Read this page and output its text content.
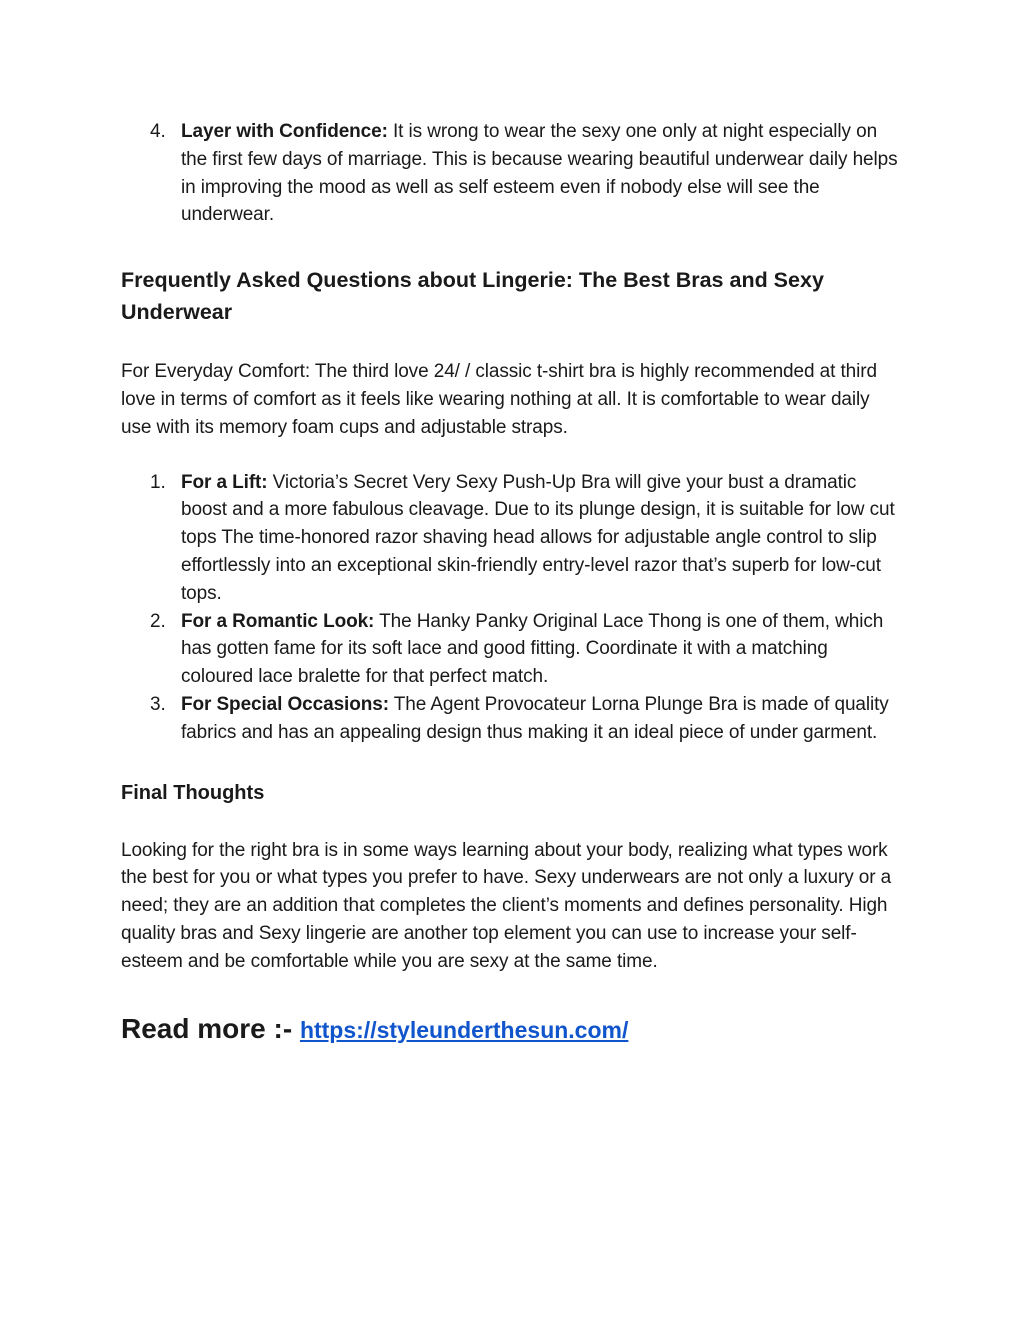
4. Layer with Confidence: It is wrong to wear the sexy one only at night especially on the first few days of marriage. This is because wearing beautiful underwear daily helps in improving the mood as well as self esteem even if nobody else will see the underwear.
Frequently Asked Questions about Lingerie: The Best Bras and Sexy Underwear

For Everyday Comfort: The third love 24/ / classic t-shirt bra is highly recommended at third love in terms of comfort as it feels like wearing nothing at all. It is comfortable to wear daily use with its memory foam cups and adjustable straps.

1. For a Lift: Victoria’s Secret Very Sexy Push-Up Bra will give your bust a dramatic boost and a more fabulous cleavage. Due to its plunge design, it is suitable for low cut tops The time-honored razor shaving head allows for adjustable angle control to slip effortlessly into an exceptional skin-friendly entry-level razor that’s superb for low-cut tops.
2. For a Romantic Look: The Hanky Panky Original Lace Thong is one of them, which has gotten fame for its soft lace and good fitting. Coordinate it with a matching coloured lace bralette for that perfect match.
3. For Special Occasions: The Agent Provocateur Lorna Plunge Bra is made of quality fabrics and has an appealing design thus making it an ideal piece of under garment.
Final Thoughts

Looking for the right bra is in some ways learning about your body, realizing what types work the best for you or what types you prefer to have. Sexy underwears are not only a luxury or a need; they are an addition that completes the client’s moments and defines personality. High quality bras and Sexy lingerie are another top element you can use to increase your self-esteem and be comfortable while you are sexy at the same time.

Read more :- https://styleunderthesun.com/
